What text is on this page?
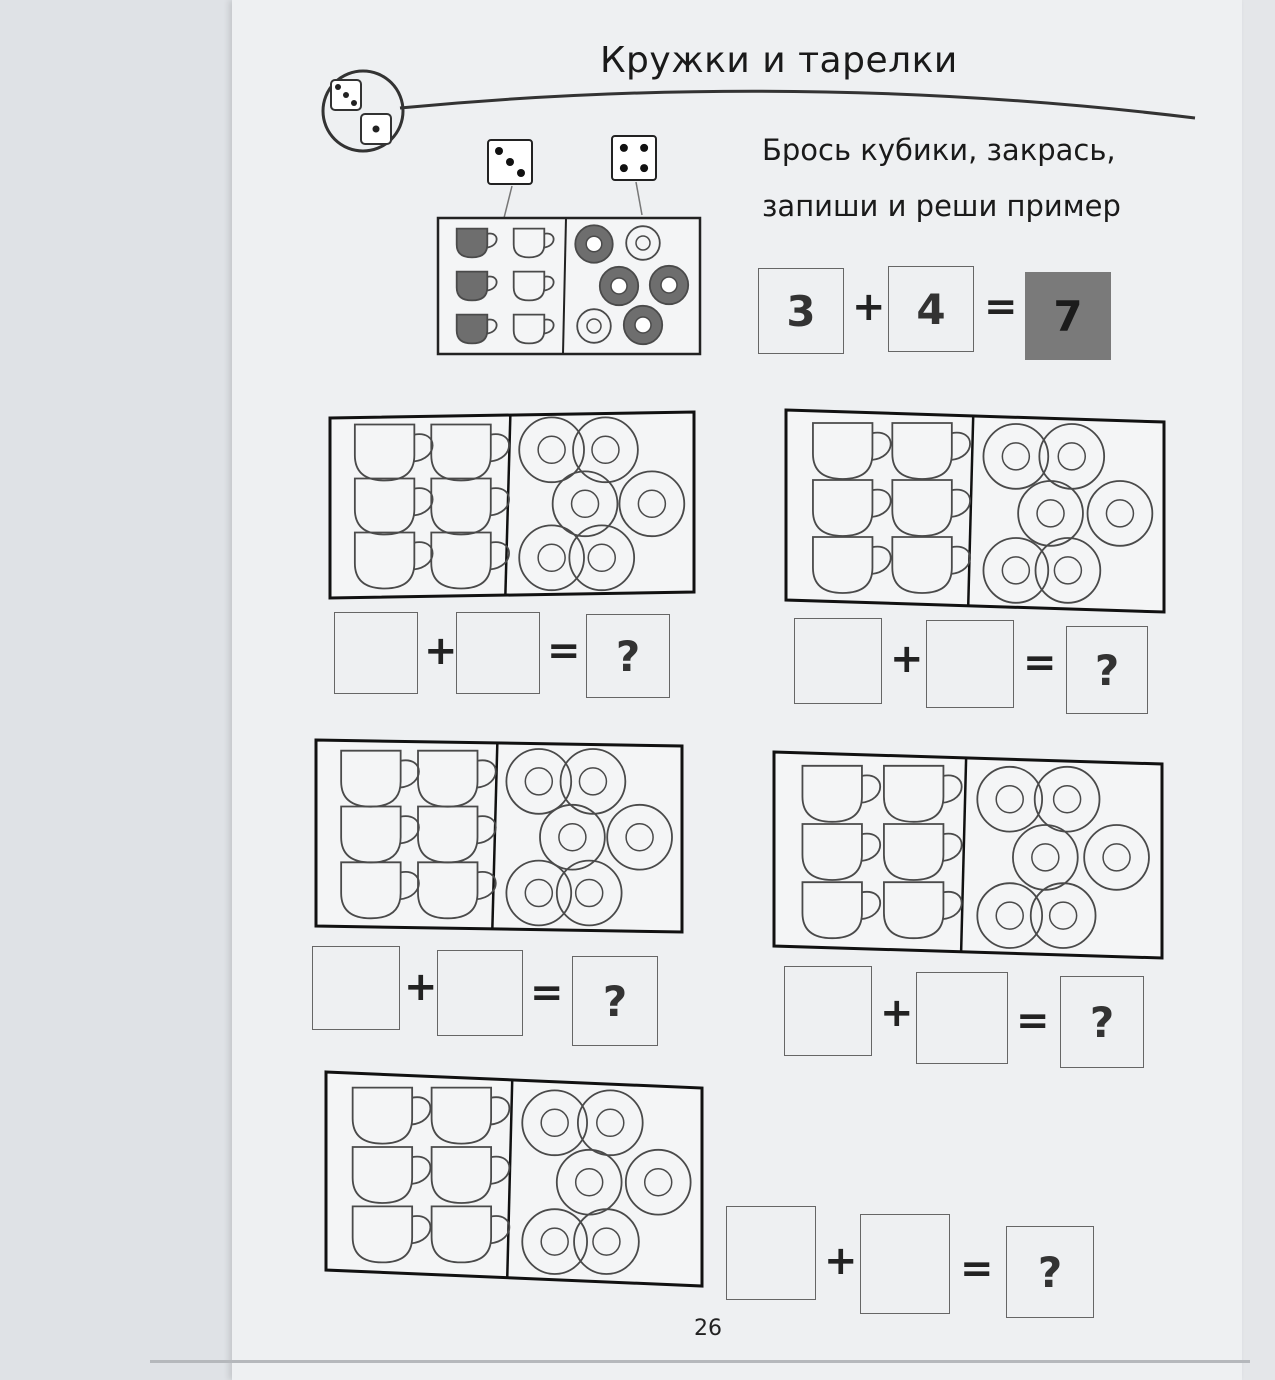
Кружки и тарелки
Брось кубики, закрась,
запиши и реши пример
3 + 4 = 7
+ = ?	+ = ?
+ = ?	+	= ?
+	=	?
26
